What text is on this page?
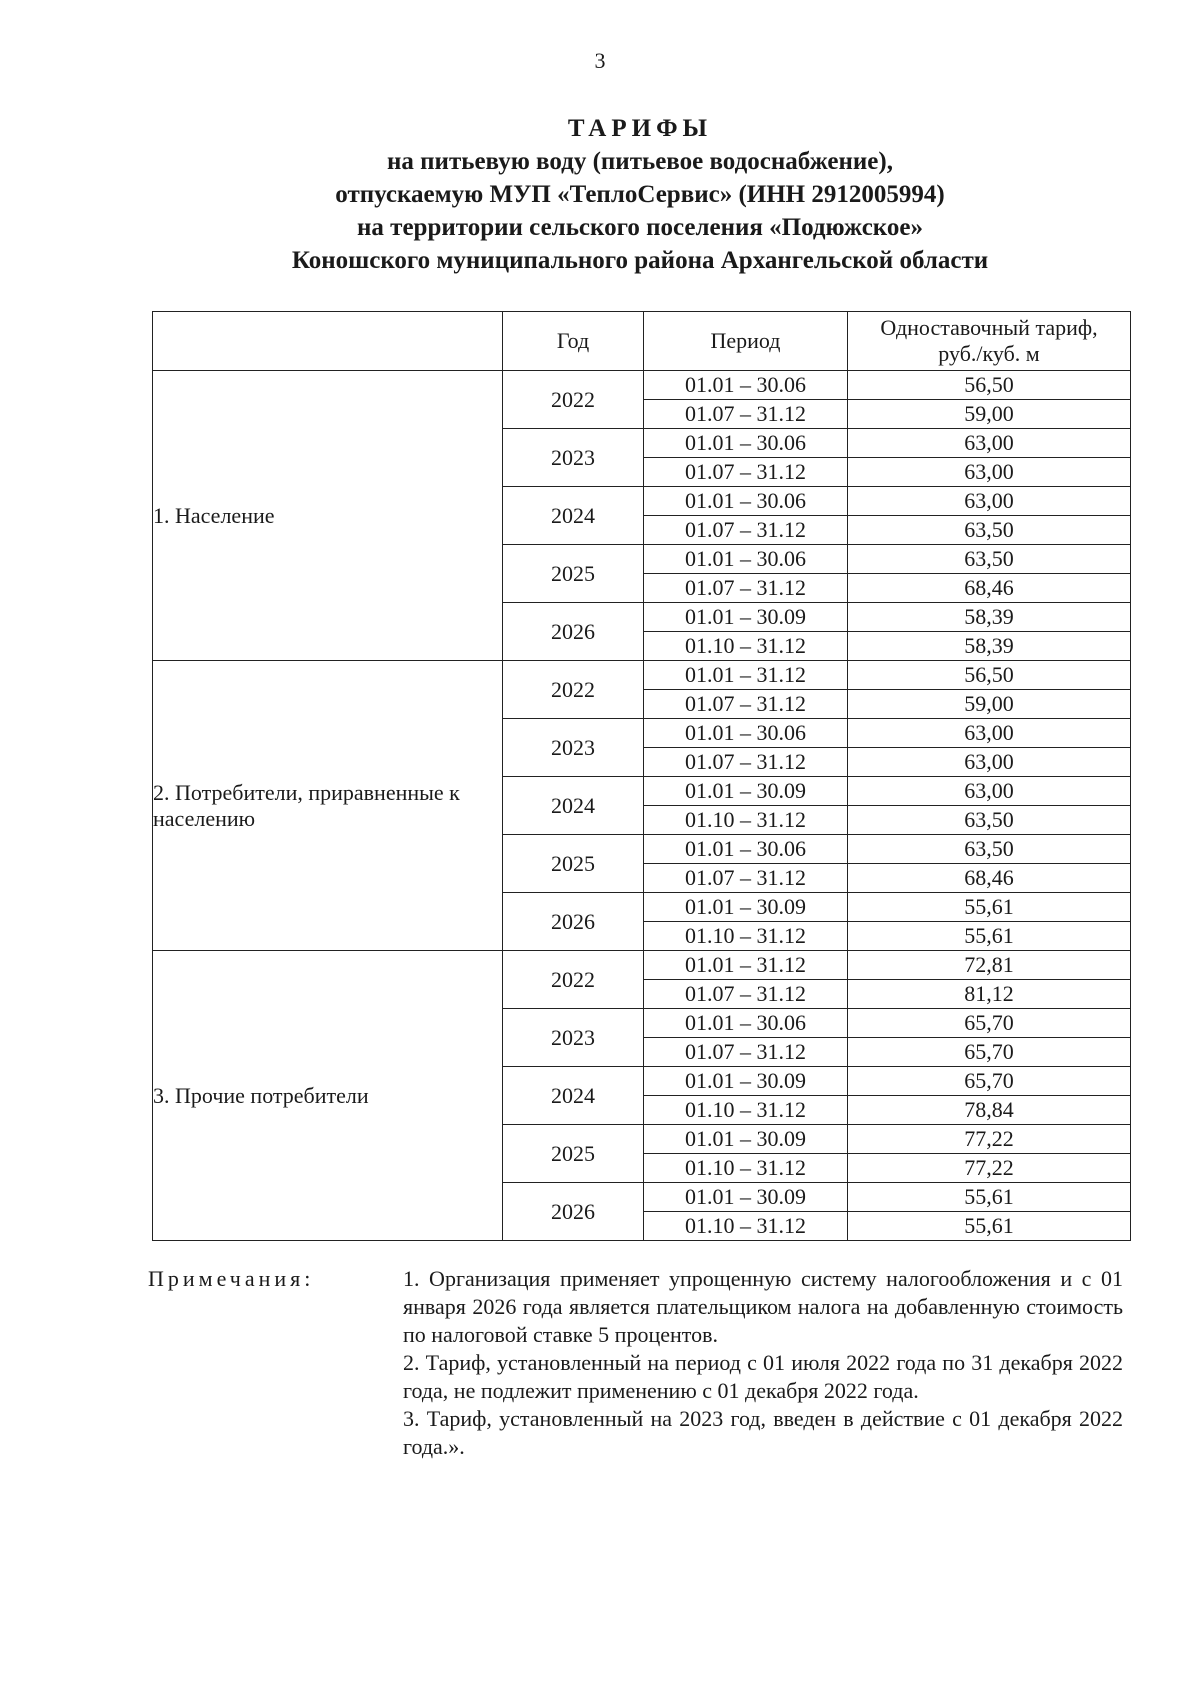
3
ТАРИФЫ
на питьевую воду (питьевое водоснабжение),
отпускаемую МУП «ТеплоСервис» (ИНН 2912005994)
на территории сельского поселения «Подюжское»
Коношского муниципального района Архангельской области
	Год	Период	Одноставочный тариф,
руб./куб. м
1. Население	2022	01.01 – 30.06	56,50
		01.07 – 31.12	59,00
	2023	01.01 – 30.06	63,00
		01.07 – 31.12	63,00
	2024	01.01 – 30.06	63,00
		01.07 – 31.12	63,50
	2025	01.01 – 30.06	63,50
		01.07 – 31.12	68,46
	2026	01.01 – 30.09	58,39
		01.10 – 31.12	58,39
2. Потребители, приравненные к населению	2022	01.01 – 31.12	56,50
		01.07 – 31.12	59,00
	2023	01.01 – 30.06	63,00
		01.07 – 31.12	63,00
	2024	01.01 – 30.09	63,00
		01.10 – 31.12	63,50
	2025	01.01 – 30.06	63,50
		01.07 – 31.12	68,46
	2026	01.01 – 30.09	55,61
		01.10 – 31.12	55,61
3. Прочие потребители	2022	01.01 – 31.12	72,81
		01.07 – 31.12	81,12
	2023	01.01 – 30.06	65,70
		01.07 – 31.12	65,70
	2024	01.01 – 30.09	65,70
		01.10 – 31.12	78,84
	2025	01.01 – 30.09	77,22
		01.10 – 31.12	77,22
	2026	01.01 – 30.09	55,61
		01.10 – 31.12	55,61
Примечания:	1. Организация применяет упрощенную систему налогообложения и с 01 января 2026 года является плательщиком налога на добавленную стоимость по налоговой ставке 5 процентов.

2. Тариф, установленный на период с 01 июля 2022 года по 31 декабря 2022 года, не подлежит применению с 01 декабря 2022 года.

3. Тариф, установленный на 2023 год, введен в действие с 01 декабря 2022 года.».
